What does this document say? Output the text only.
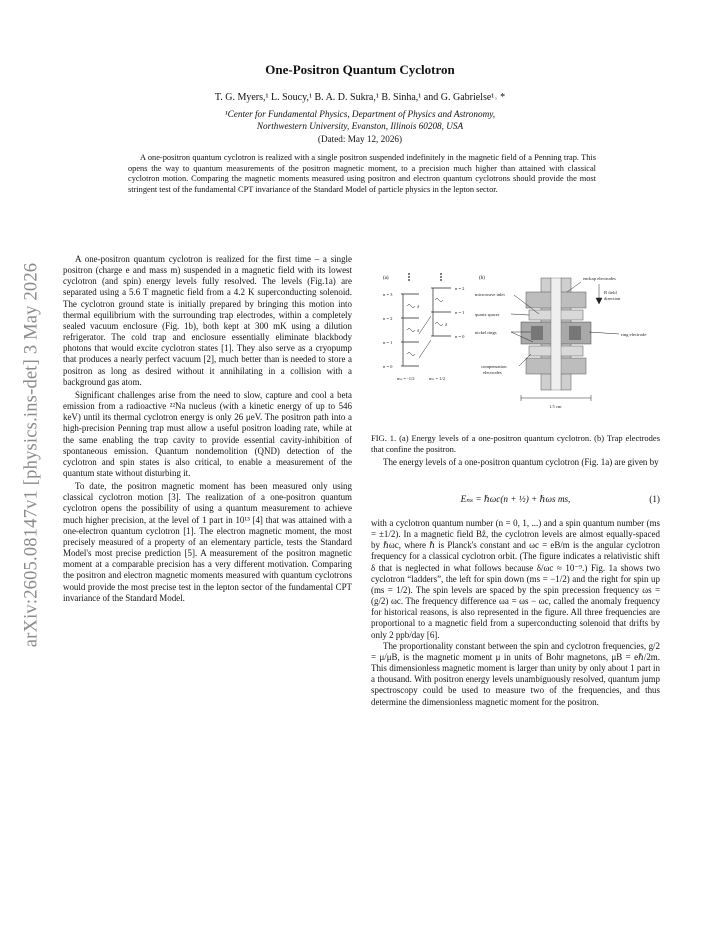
One-Positron Quantum Cyclotron
T. G. Myers,¹ L. Soucy,¹ B. A. D. Sukra,¹ B. Sinha,¹ and G. Gabrielse¹˒ *
¹Center for Fundamental Physics, Department of Physics and Astronomy,
Northwestern University, Evanston, Illinois 60208, USA
(Dated: May 12, 2026)
A one-positron quantum cyclotron is realized with a single positron suspended indefinitely in the magnetic field of a Penning trap. This opens the way to quantum measurements of the positron magnetic moment, to a precision much higher than attained with classical cyclotron motion. Comparing the magnetic moments measured using positron and electron quantum cyclotrons should provide the most stringent test of the fundamental CPT invariance of the Standard Model of particle physics in the lepton sector.
arXiv:2605.08147v1 [physics.ins-det] 3 May 2026

A one-positron quantum cyclotron is realized for the first time – a single positron (charge e and mass m) suspended in a magnetic field with its lowest cyclotron (and spin) energy levels fully resolved. The levels (Fig.1a) are separated using a 5.6 T magnetic field from a 4.2 K superconducting solenoid. The cyclotron ground state is initially prepared by bringing this motion into thermal equilibrium with the surrounding trap electrodes, within a completely sealed vacuum enclosure (Fig. 1b), both kept at 300 mK using a dilution refrigerator. The cold trap and enclosure essentially eliminate blackbody photons that would excite cyclotron states [1]. They also serve as a cryopump that produces a nearly perfect vacuum [2], much better than is needed to store a positron as long as desired without it annihilating in a collision with a background gas atom.

Significant challenges arise from the need to slow, capture and cool a beta emission from a radioactive ²²Na nucleus (with a kinetic energy of up to 546 keV) until its thermal cyclotron energy is only 26 μeV. The positron path into a high-precision Penning trap must allow a useful positron loading rate, while at the same enabling the trap cavity to provide essential cavity-inhibition of spontaneous emission. Quantum nondemolition (QND) detection of the cyclotron and spin states is also critical, to enable a measurement of the quantum state without disturbing it.

To date, the positron magnetic moment has been measured only using classical cyclotron motion [3]. The realization of a one-positron quantum cyclotron opens the possibility of using a quantum measurement to achieve much higher precision, at the level of 1 part in 10¹³ [4] that was attained with a one-electron quantum cyclotron [1]. The electron magnetic moment, the most precisely measured of a property of an elementary particle, tests the Standard Model's most precise prediction [5]. A measurement of the positron magnetic moment at a comparable precision has a very different motivation. Comparing the positron and electron magnetic moments measured with quantum cyclotrons would provide the most precise test in the lepton sector of the fundamental CPT invariance of the Standard Model.

(a)
n = 3
n = 2
n = 1
n = 0
n = 2
n = 1
n = 0
δ
δ
δ
mₛ = -1/2	mₛ = 1/2
(b)
microwave inlet
quartz spacer
nickel rings
compensation
electrodes
endcap electrodes
B field
direction
ring electrode
1.5 cm
FIG. 1. (a) Energy levels of a one-positron quantum cyclotron. (b) Trap electrodes that confine the positron.

The energy levels of a one-positron quantum cyclotron (Fig. 1a) are given by

Eₙₛ = ℏωc(n + ½) + ℏωs ms,	(1)

with a cyclotron quantum number (n = 0, 1, ...) and a spin quantum number (ms = ±1/2). In a magnetic field Bẑ, the cyclotron levels are almost equally-spaced by ℏωc, where ℏ is Planck's constant and ωc = eB/m is the angular cyclotron frequency for a classical cyclotron orbit. (The figure indicates a relativistic shift δ that is neglected in what follows because δ/ωc ≈ 10⁻⁹.) Fig. 1a shows two cyclotron “ladders”, the left for spin down (ms = −1/2) and the right for spin up (ms = 1/2). The spin levels are spaced by the spin precession frequency ωs = (g/2) ωc. The frequency difference ωa = ωs − ωc, called the anomaly frequency for historical reasons, is also represented in the figure. All three frequencies are proportional to a magnetic field from a superconducting solenoid that drifts by only 2 ppb/day [6].

The proportionality constant between the spin and cyclotron frequencies, g/2 = μ/μB, is the magnetic moment μ in units of Bohr magnetons, μB = eℏ/2m. This dimensionless magnetic moment is larger than unity by only about 1 part in a thousand. With positron energy levels unambiguously resolved, quantum jump spectroscopy could be used to measure two of the frequencies, and thus determine the dimensionless magnetic moment for the positron.
